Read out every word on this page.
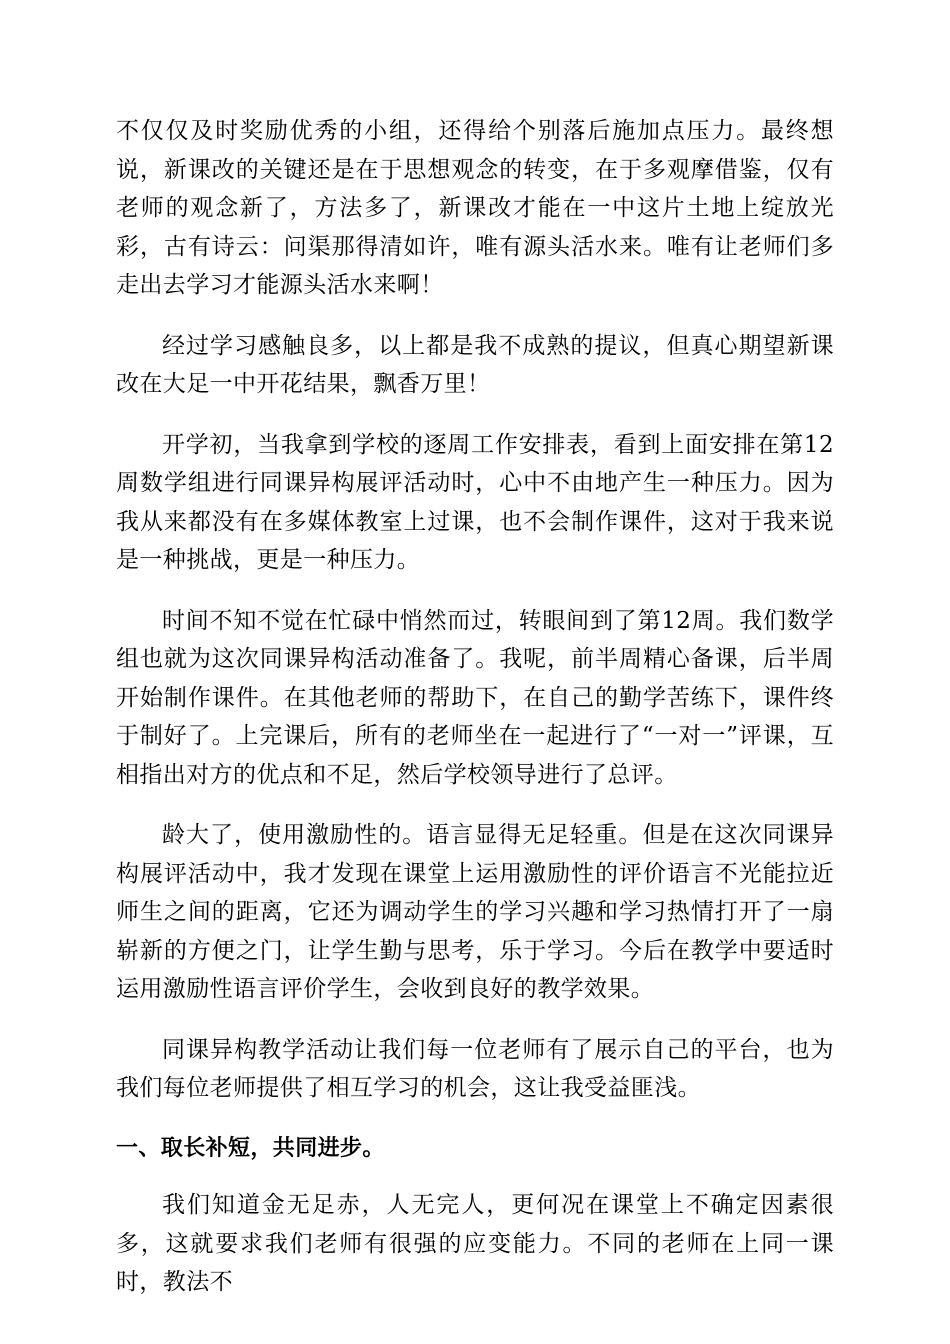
不仅仅及时奖励优秀的小组，还得给个别落后施加点压力。最终想说，新课改的关键还是在于思想观念的转变，在于多观摩借鉴，仅有老师的观念新了，方法多了，新课改才能在一中这片土地上绽放光彩，古有诗云：问渠那得清如许，唯有源头活水来。唯有让老师们多走出去学习才能源头活水来啊！

经过学习感触良多，以上都是我不成熟的提议，但真心期望新课改在大足一中开花结果，飘香万里！

开学初，当我拿到学校的逐周工作安排表，看到上面安排在第12周数学组进行同课异构展评活动时，心中不由地产生一种压力。因为我从来都没有在多媒体教室上过课，也不会制作课件，这对于我来说是一种挑战，更是一种压力。

时间不知不觉在忙碌中悄然而过，转眼间到了第12周。我们数学组也就为这次同课异构活动准备了。我呢，前半周精心备课，后半周开始制作课件。在其他老师的帮助下，在自己的勤学苦练下，课件终于制好了。上完课后，所有的老师坐在一起进行了“一对一”评课，互相指出对方的优点和不足，然后学校领导进行了总评。

龄大了，使用激励性的。语言显得无足轻重。但是在这次同课异构展评活动中，我才发现在课堂上运用激励性的评价语言不光能拉近师生之间的距离，它还为调动学生的学习兴趣和学习热情打开了一扇崭新的方便之门，让学生勤与思考，乐于学习。今后在教学中要适时运用激励性语言评价学生，会收到良好的教学效果。

同课异构教学活动让我们每一位老师有了展示自己的平台，也为我们每位老师提供了相互学习的机会，这让我受益匪浅。

一、取长补短，共同进步。

我们知道金无足赤，人无完人，更何况在课堂上不确定因素很多，这就要求我们老师有很强的应变能力。不同的老师在上同一课时，教法不
